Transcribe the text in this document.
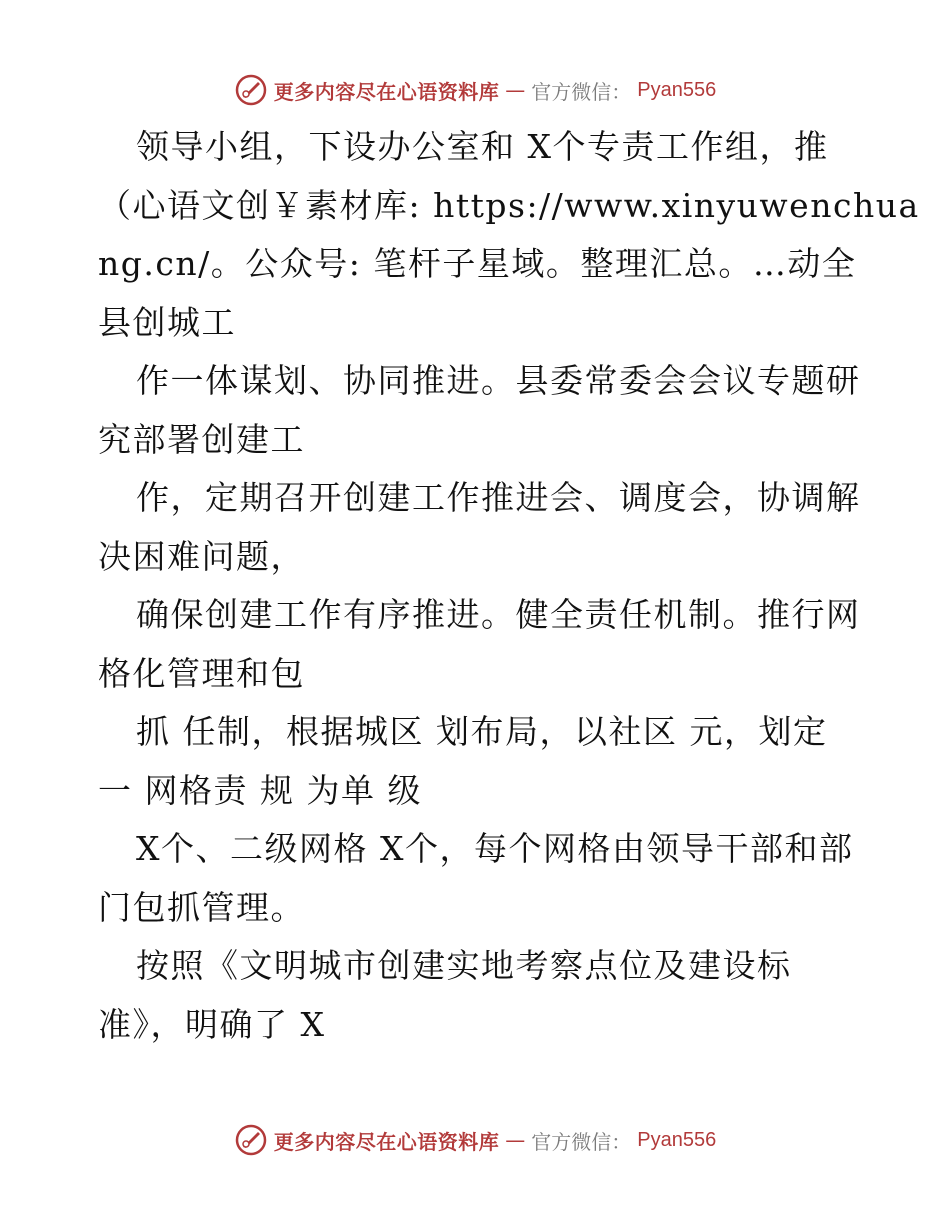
更多内容尽在心语资料库 — 官方微信： Pyan556
领导小组，下设办公室和 X个专责工作组，推
（心语文创￥素材库: https://www.xinyuwenchua
ng.cn/。公众号: 笔杆子星域。整理汇总。…动全
县创城工
作一体谋划、协同推进。县委常委会会议专题研
究部署创建工
作，定期召开创建工作推进会、调度会，协调解
决困难问题，
确保创建工作有序推进。健全责任机制。推行网
格化管理和包
抓 任制，根据城区 划布局，以社区 元，划定
一 网格责 规 为单 级
X个、二级网格 X个，每个网格由领导干部和部
门包抓管理。
按照《文明城市创建实地考察点位及建设标
准》，明确了 X
更多内容尽在心语资料库 — 官方微信： Pyan556
